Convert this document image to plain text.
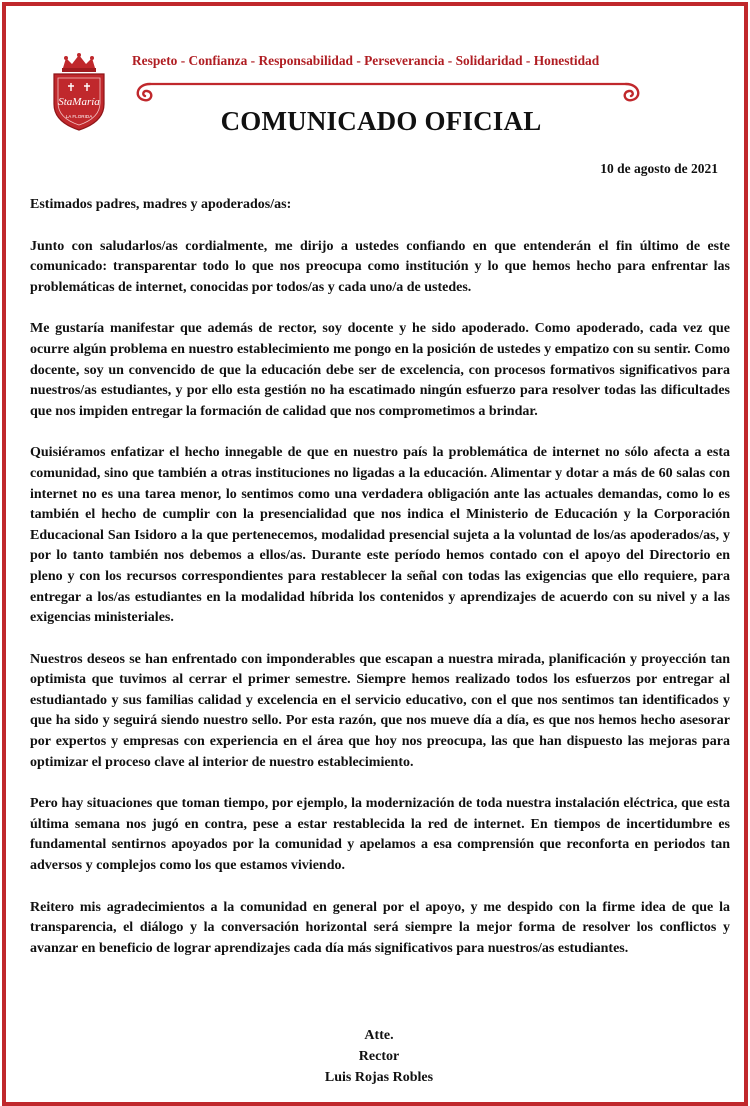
StaMaría
LA FLORIDA
Respeto - Confianza - Responsabilidad - Perseverancia - Solidaridad - Honestidad
COMUNICADO OFICIAL
10 de agosto de 2021

Estimados padres, madres y apoderados/as:

Junto con saludarlos/as cordialmente, me dirijo a ustedes confiando en que entenderán el fin último de este comunicado: transparentar todo lo que nos preocupa como institución y lo que hemos hecho para enfrentar las problemáticas de internet, conocidas por todos/as y cada uno/a de ustedes.

Me gustaría manifestar que además de rector, soy docente y he sido apoderado. Como apoderado, cada vez que ocurre algún problema en nuestro establecimiento me pongo en la posición de ustedes y empatizo con su sentir. Como docente, soy un convencido de que la educación debe ser de excelencia, con procesos formativos significativos para nuestros/as estudiantes, y por ello esta gestión no ha escatimado ningún esfuerzo para resolver todas las dificultades que nos impiden entregar la formación de calidad que nos comprometimos a brindar.

Quisiéramos enfatizar el hecho innegable de que en nuestro país la problemática de internet no sólo afecta a esta comunidad, sino que también a otras instituciones no ligadas a la educación. Alimentar y dotar a más de 60 salas con internet no es una tarea menor, lo sentimos como una verdadera obligación ante las actuales demandas, como lo es también el hecho de cumplir con la presencialidad que nos indica el Ministerio de Educación y la Corporación Educacional San Isidoro a la que pertenecemos, modalidad presencial sujeta a la voluntad de los/as apoderados/as, y por lo tanto también nos debemos a ellos/as. Durante este período hemos contado con el apoyo del Directorio en pleno y con los recursos correspondientes para restablecer la señal con todas las exigencias que ello requiere, para entregar a los/as estudiantes en la modalidad híbrida los contenidos y aprendizajes de acuerdo con su nivel y a las exigencias ministeriales.

Nuestros deseos se han enfrentado con imponderables que escapan a nuestra mirada, planificación y proyección tan optimista que tuvimos al cerrar el primer semestre. Siempre hemos realizado todos los esfuerzos por entregar al estudiantado y sus familias calidad y excelencia en el servicio educativo, con el que nos sentimos tan identificados y que ha sido y seguirá siendo nuestro sello. Por esta razón, que nos mueve día a día, es que nos hemos hecho asesorar por expertos y empresas con experiencia en el área que hoy nos preocupa, las que han dispuesto las mejoras para optimizar el proceso clave al interior de nuestro establecimiento.

Pero hay situaciones que toman tiempo, por ejemplo, la modernización de toda nuestra instalación eléctrica, que esta última semana nos jugó en contra, pese a estar restablecida la red de internet. En tiempos de incertidumbre es fundamental sentirnos apoyados por la comunidad y apelamos a esa comprensión que reconforta en periodos tan adversos y complejos como los que estamos viviendo.

Reitero mis agradecimientos a la comunidad en general por el apoyo, y me despido con la firme idea de que la transparencia, el diálogo y la conversación horizontal será siempre la mejor forma de resolver los conflictos y avanzar en beneficio de lograr aprendizajes cada día más significativos para nuestros/as estudiantes.

Atte.
Rector
Luis Rojas Robles
